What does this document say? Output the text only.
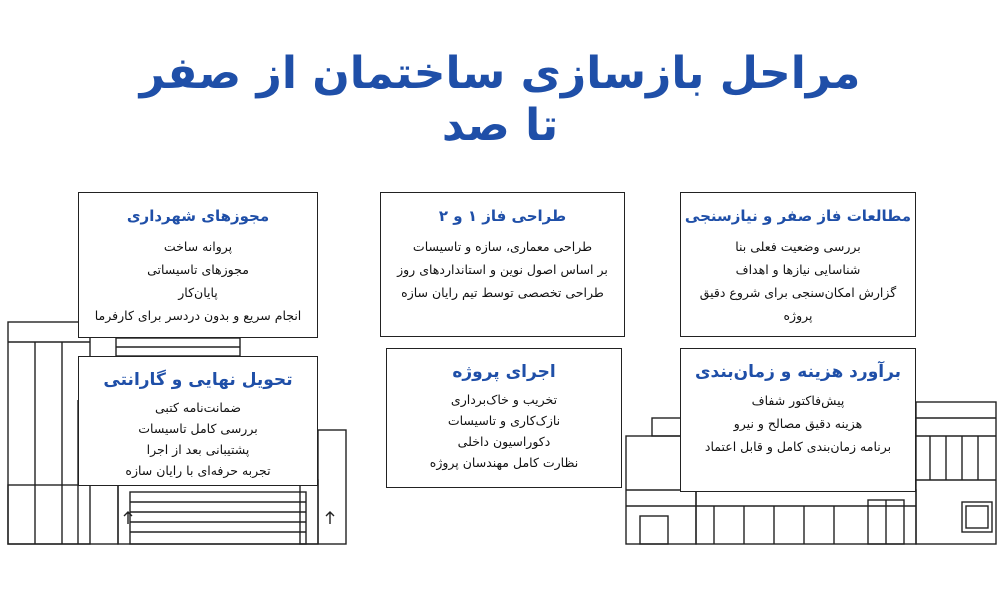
مراحل بازسازی ساختمان از صفر تا صد
مطالعات فاز صفر و نیازسنجی
بررسی وضعیت فعلی بنا
شناسایی نیازها و اهداف
گزارش امکان‌سنجی برای شروع دقیق
پروژه
طراحی فاز ۱ و ۲
طراحی معماری، سازه و تاسیسات
بر اساس اصول نوین و استانداردهای روز
طراحی تخصصی توسط تیم رایان سازه
مجوزهای شهرداری
پروانه ساخت
مجوزهای تاسیساتی
پایان‌کار
انجام سریع و بدون دردسر برای کارفرما
برآورد هزینه و زمان‌بندی
پیش‌فاکتور شفاف
هزینه دقیق مصالح و نیرو
برنامه زمان‌بندی کامل و قابل اعتماد
اجرای پروژه
تخریب و خاک‌برداری
نازک‌کاری و تاسیسات
دکوراسیون داخلی
نظارت کامل مهندسان پروژه
تحویل نهایی و گارانتی
ضمانت‌نامه کتبی
بررسی کامل تاسیسات
پشتیبانی بعد از اجرا
تجربه حرفه‌ای با رایان سازه
